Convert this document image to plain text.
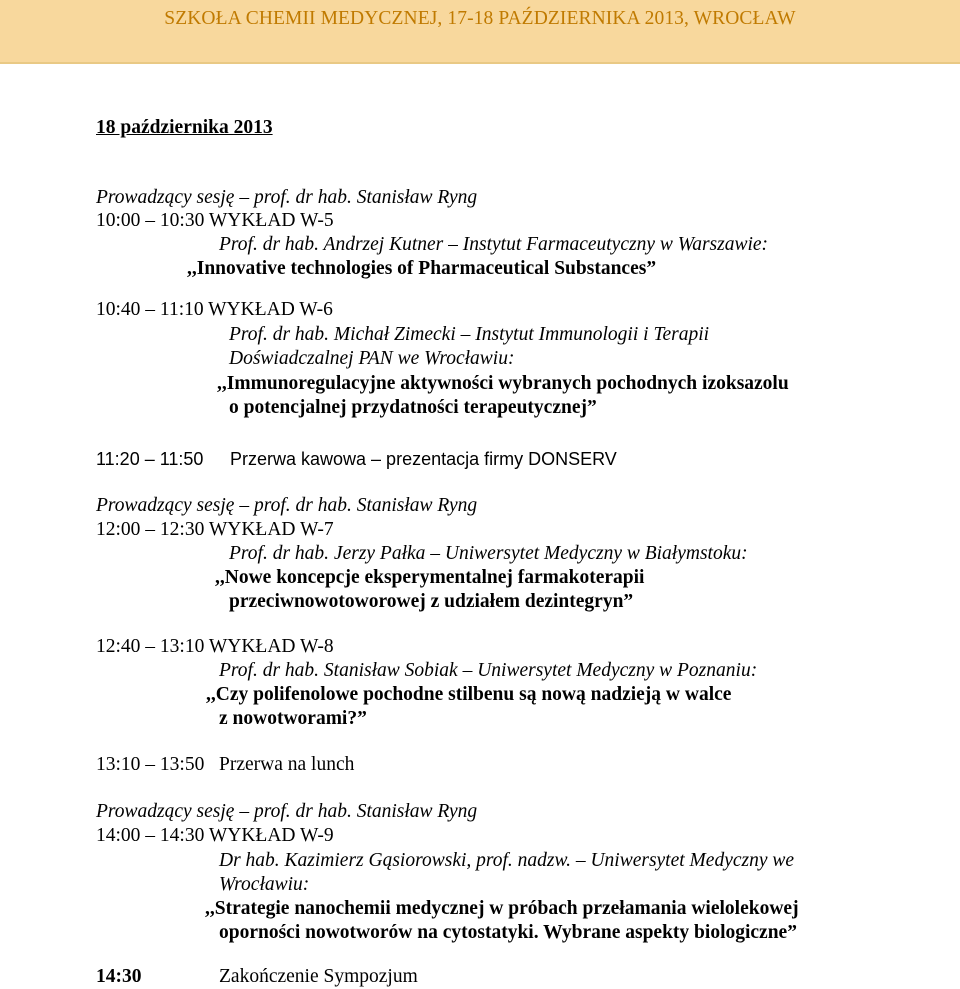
SZKOŁA CHEMII MEDYCZNEJ, 17-18 PAŹDZIERNIKA 2013, WROCŁAW
18 października 2013
Prowadzący sesję – prof. dr hab. Stanisław Ryng
10:00 – 10:30 WYKŁAD W-5
Prof. dr hab. Andrzej Kutner – Instytut Farmaceutyczny w Warszawie:
,,Innovative technologies of Pharmaceutical Substances”
10:40 – 11:10 WYKŁAD W-6
Prof. dr hab. Michał Zimecki – Instytut Immunologii i Terapii
Doświadczalnej PAN we Wrocławiu:
,,Immunoregulacyjne aktywności wybranych pochodnych izoksazolu
o potencjalnej przydatności terapeutycznej”
11:20 – 11:50 Przerwa kawowa – prezentacja firmy DONSERV
Prowadzący sesję – prof. dr hab. Stanisław Ryng
12:00 – 12:30 WYKŁAD W-7
Prof. dr hab. Jerzy Pałka – Uniwersytet Medyczny w Białymstoku:
,,Nowe koncepcje eksperymentalnej farmakoterapii
przeciwnowotoworowej z udziałem dezintegryn”
12:40 – 13:10 WYKŁAD W-8
Prof. dr hab. Stanisław Sobiak – Uniwersytet Medyczny w Poznaniu:
,,Czy polifenolowe pochodne stilbenu są nową nadzieją w walce
z nowotworami?”
13:10 – 13:50 Przerwa na lunch
Prowadzący sesję – prof. dr hab. Stanisław Ryng
14:00 – 14:30 WYKŁAD W-9
Dr hab. Kazimierz Gąsiorowski, prof. nadzw. – Uniwersytet Medyczny we
Wrocławiu:
,,Strategie nanochemii medycznej w próbach przełamania wielolekowej
oporności nowotworów na cytostatyki. Wybrane aspekty biologiczne”
14:30	Zakończenie Sympozjum
